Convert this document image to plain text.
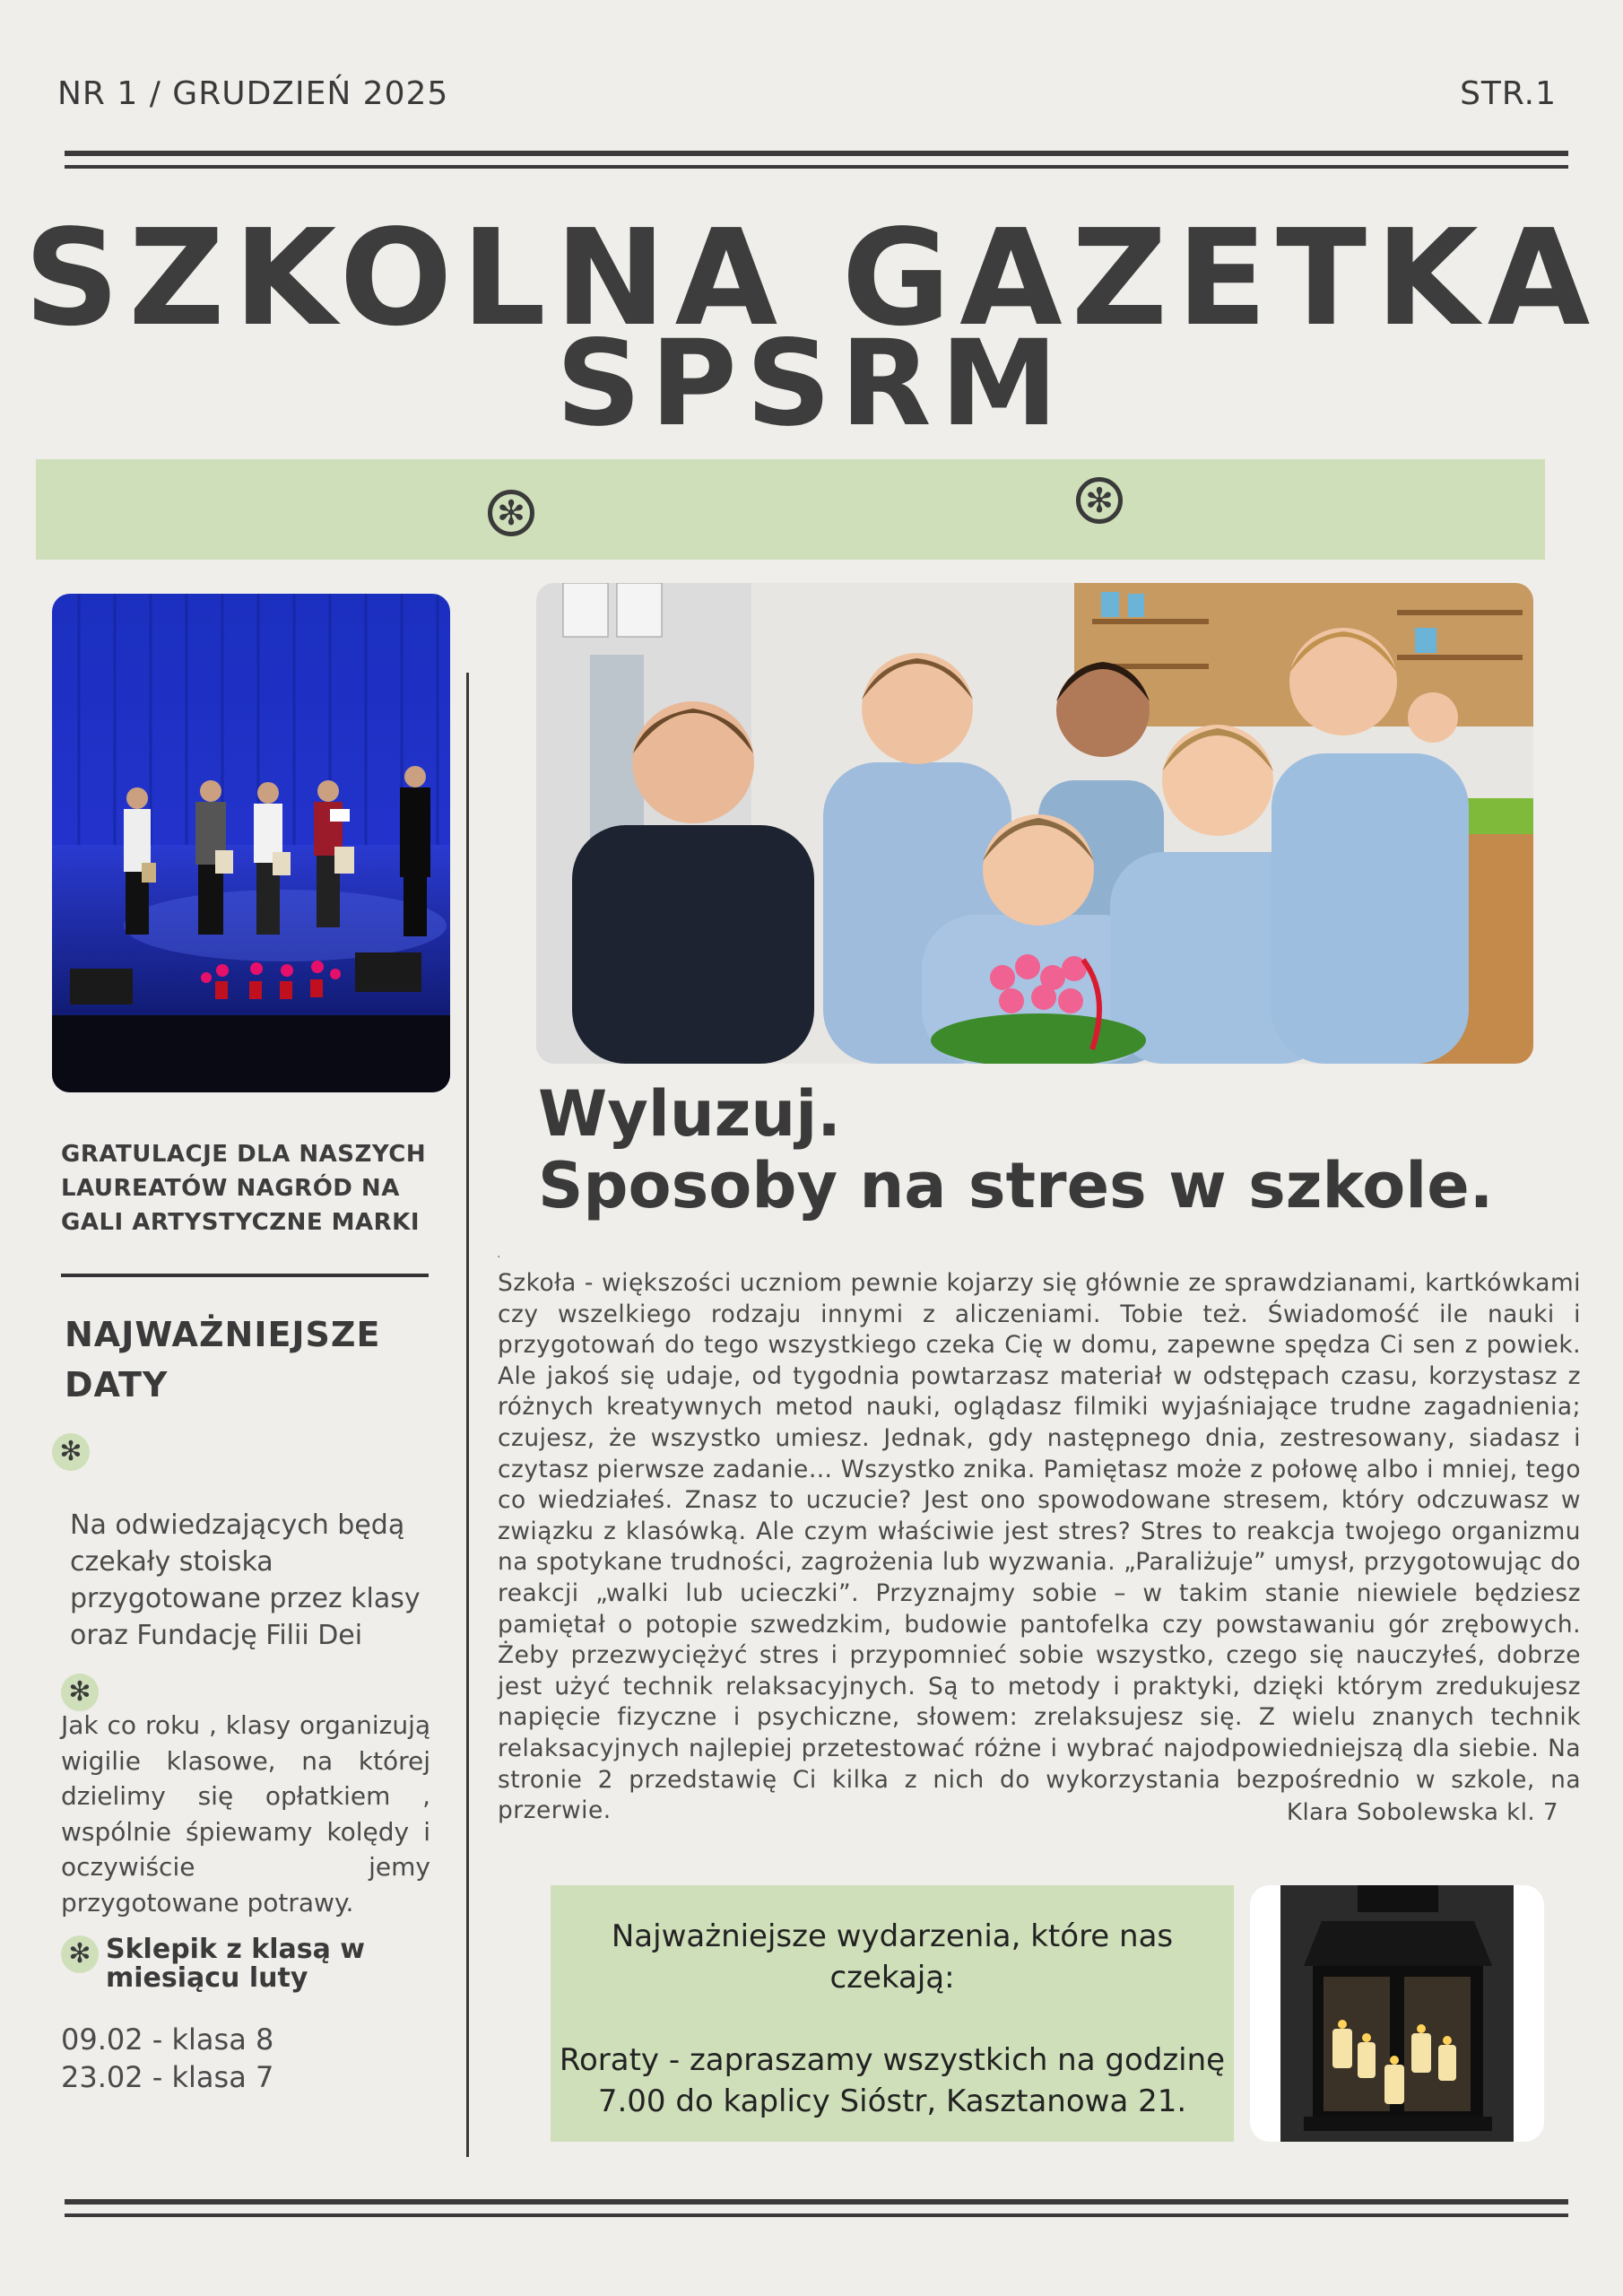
NR 1 / GRUDZIEŃ 2025	STR.1
SZKOLNA GAZETKA
SPSRM
✻	✻
GRATULACJE DLA NASZYCH LAUREATÓW NAGRÓD NA GALI ARTYSTYCZNE MARKI
NAJWAŻNIEJSZE DATY
✻
Na odwiedzających będą czekały stoiska przygotowane przez klasy oraz Fundację Filii Dei
✻
Jak co roku , klasy organizują wigilie klasowe, na której dzielimy się opłatkiem , wspólnie śpiewamy kolędy i oczywiście jemy przygotowane potrawy.
✻ Sklepik z klasą w miesiącu luty
09.02 - klasa 8
23.02 - klasa 7
Wyluzuj.
Sposoby na stres w szkole.
.
Szkoła - większości uczniom pewnie kojarzy się głównie ze sprawdzianami, kartkówkami czy wszelkiego rodzaju innymi z aliczeniami. Tobie też. Świadomość ile nauki i przygotowań do tego wszystkiego czeka Cię w domu, zapewne spędza Ci sen z powiek. Ale jakoś się udaje, od tygodnia powtarzasz materiał w odstępach czasu, korzystasz z różnych kreatywnych metod nauki, oglądasz filmiki wyjaśniające trudne zagadnienia; czujesz, że wszystko umiesz. Jednak, gdy następnego dnia, zestresowany, siadasz i czytasz pierwsze zadanie… Wszystko znika. Pamiętasz może z połowę albo i mniej, tego co wiedziałeś. Znasz to uczucie? Jest ono spowodowane stresem, który odczuwasz w związku z klasówką. Ale czym właściwie jest stres? Stres to reakcja twojego organizmu na spotykane trudności, zagrożenia lub wyzwania. „Paraliżuje” umysł, przygotowując do reakcji „walki lub ucieczki”. Przyznajmy sobie – w takim stanie niewiele będziesz pamiętał o potopie szwedzkim, budowie pantofelka czy powstawaniu gór zrębowych. Żeby przezwyciężyć stres i przypomnieć sobie wszystko, czego się nauczyłeś, dobrze jest użyć technik relaksacyjnych. Są to metody i praktyki, dzięki którym zredukujesz napięcie fizyczne i psychiczne, słowem: zrelaksujesz się. Z wielu znanych technik relaksacyjnych najlepiej przetestować różne i wybrać najodpowiedniejszą dla siebie. Na stronie 2 przedstawię Ci kilka z nich do wykorzystania bezpośrednio w szkole, na przerwie.	Klara Sobolewska kl. 7
Najważniejsze wydarzenia, które nas czekają:
Roraty - zapraszamy wszystkich na godzinę
7.00 do kaplicy Sióstr, Kasztanowa 21.
